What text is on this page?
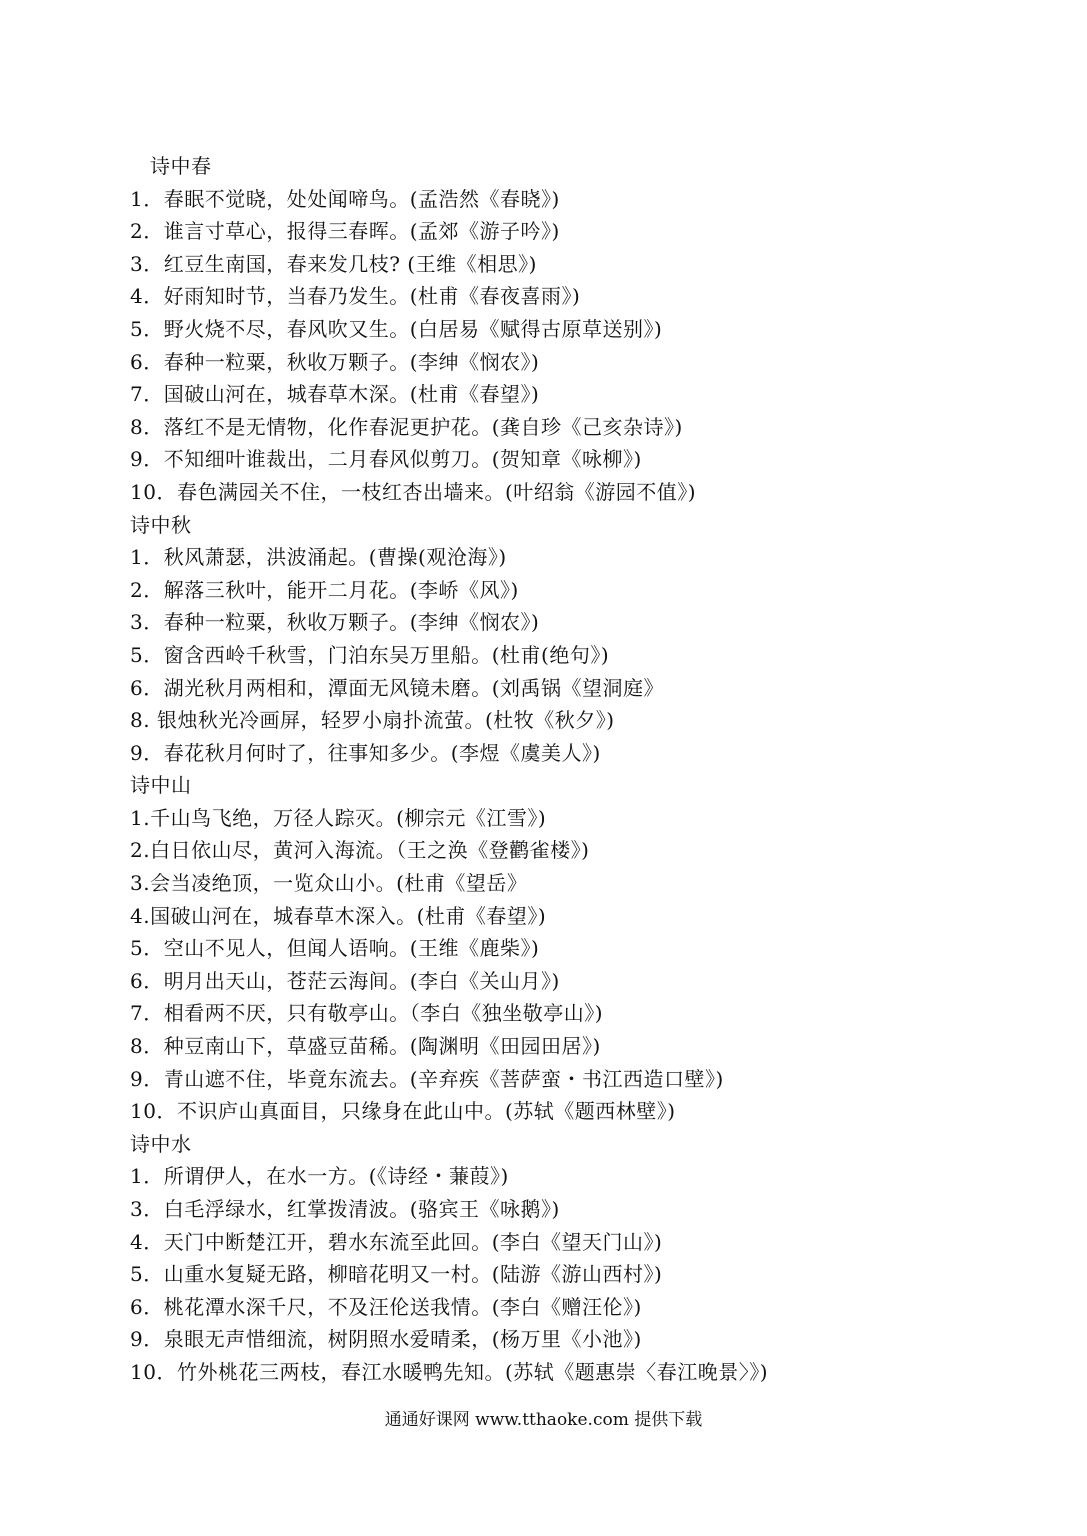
诗中春
1．春眠不觉晓，处处闻啼鸟。(孟浩然《春晓》)
2．谁言寸草心，报得三春晖。(孟郊《游子吟》)
3．红豆生南国，春来发几枝? (王维《相思》)
4．好雨知时节，当春乃发生。(杜甫《春夜喜雨》)
5．野火烧不尽，春风吹又生。(白居易《赋得古原草送别》)
6．春种一粒粟，秋收万颗子。(李绅《悯农》)
7．国破山河在，城春草木深。(杜甫《春望》)
8．落红不是无情物，化作春泥更护花。(龚自珍《己亥杂诗》)
9．不知细叶谁裁出，二月春风似剪刀。(贺知章《咏柳》)
10．春色满园关不住，一枝红杏出墙来。(叶绍翁《游园不值》)
诗中秋
1．秋风萧瑟，洪波涌起。(曹操(观沧海》)
2．解落三秋叶，能开二月花。(李峤《风》)
3．春种一粒粟，秋收万颗子。(李绅《悯农》)
5．窗含西岭千秋雪，门泊东吴万里船。(杜甫(绝句》)
6．湖光秋月两相和，潭面无风镜未磨。(刘禹锅《望洞庭》
8. 银烛秋光冷画屏，轻罗小扇扑流萤。(杜牧《秋夕》)
9．春花秋月何时了，往事知多少。(李煜《虞美人》)
诗中山
1.千山鸟飞绝，万径人踪灭。(柳宗元《江雪》)
2.白日依山尽，黄河入海流。（王之涣《登鹳雀楼》)
3.会当凌绝顶，一览众山小。(杜甫《望岳》
4.国破山河在，城春草木深入。(杜甫《春望》)
5．空山不见人，但闻人语响。(王维《鹿柴》)
6．明月出天山，苍茫云海间。(李白《关山月》)
7．相看两不厌，只有敬亭山。（李白《独坐敬亭山》)
8．种豆南山下，草盛豆苗稀。(陶渊明《田园田居》)
9．青山遮不住，毕竟东流去。(辛弃疾《菩萨蛮・书江西造口壁》)
10．不识庐山真面目，只缘身在此山中。(苏轼《题西林壁》)
诗中水
1．所谓伊人，在水一方。(《诗经・蒹葭》)
3．白毛浮绿水，红掌拨清波。(骆宾王《咏鹅》)
4．天门中断楚江开，碧水东流至此回。(李白《望天门山》)
5．山重水复疑无路，柳暗花明又一村。(陆游《游山西村》)
6．桃花潭水深千尺，不及汪伦送我情。(李白《赠汪伦》)
9．泉眼无声惜细流，树阴照水爱晴柔，(杨万里《小池》)
10．竹外桃花三两枝，春江水暖鸭先知。(苏轼《题惠崇〈春江晚景〉》)
通通好课网 www.tthaoke.com 提供下载
